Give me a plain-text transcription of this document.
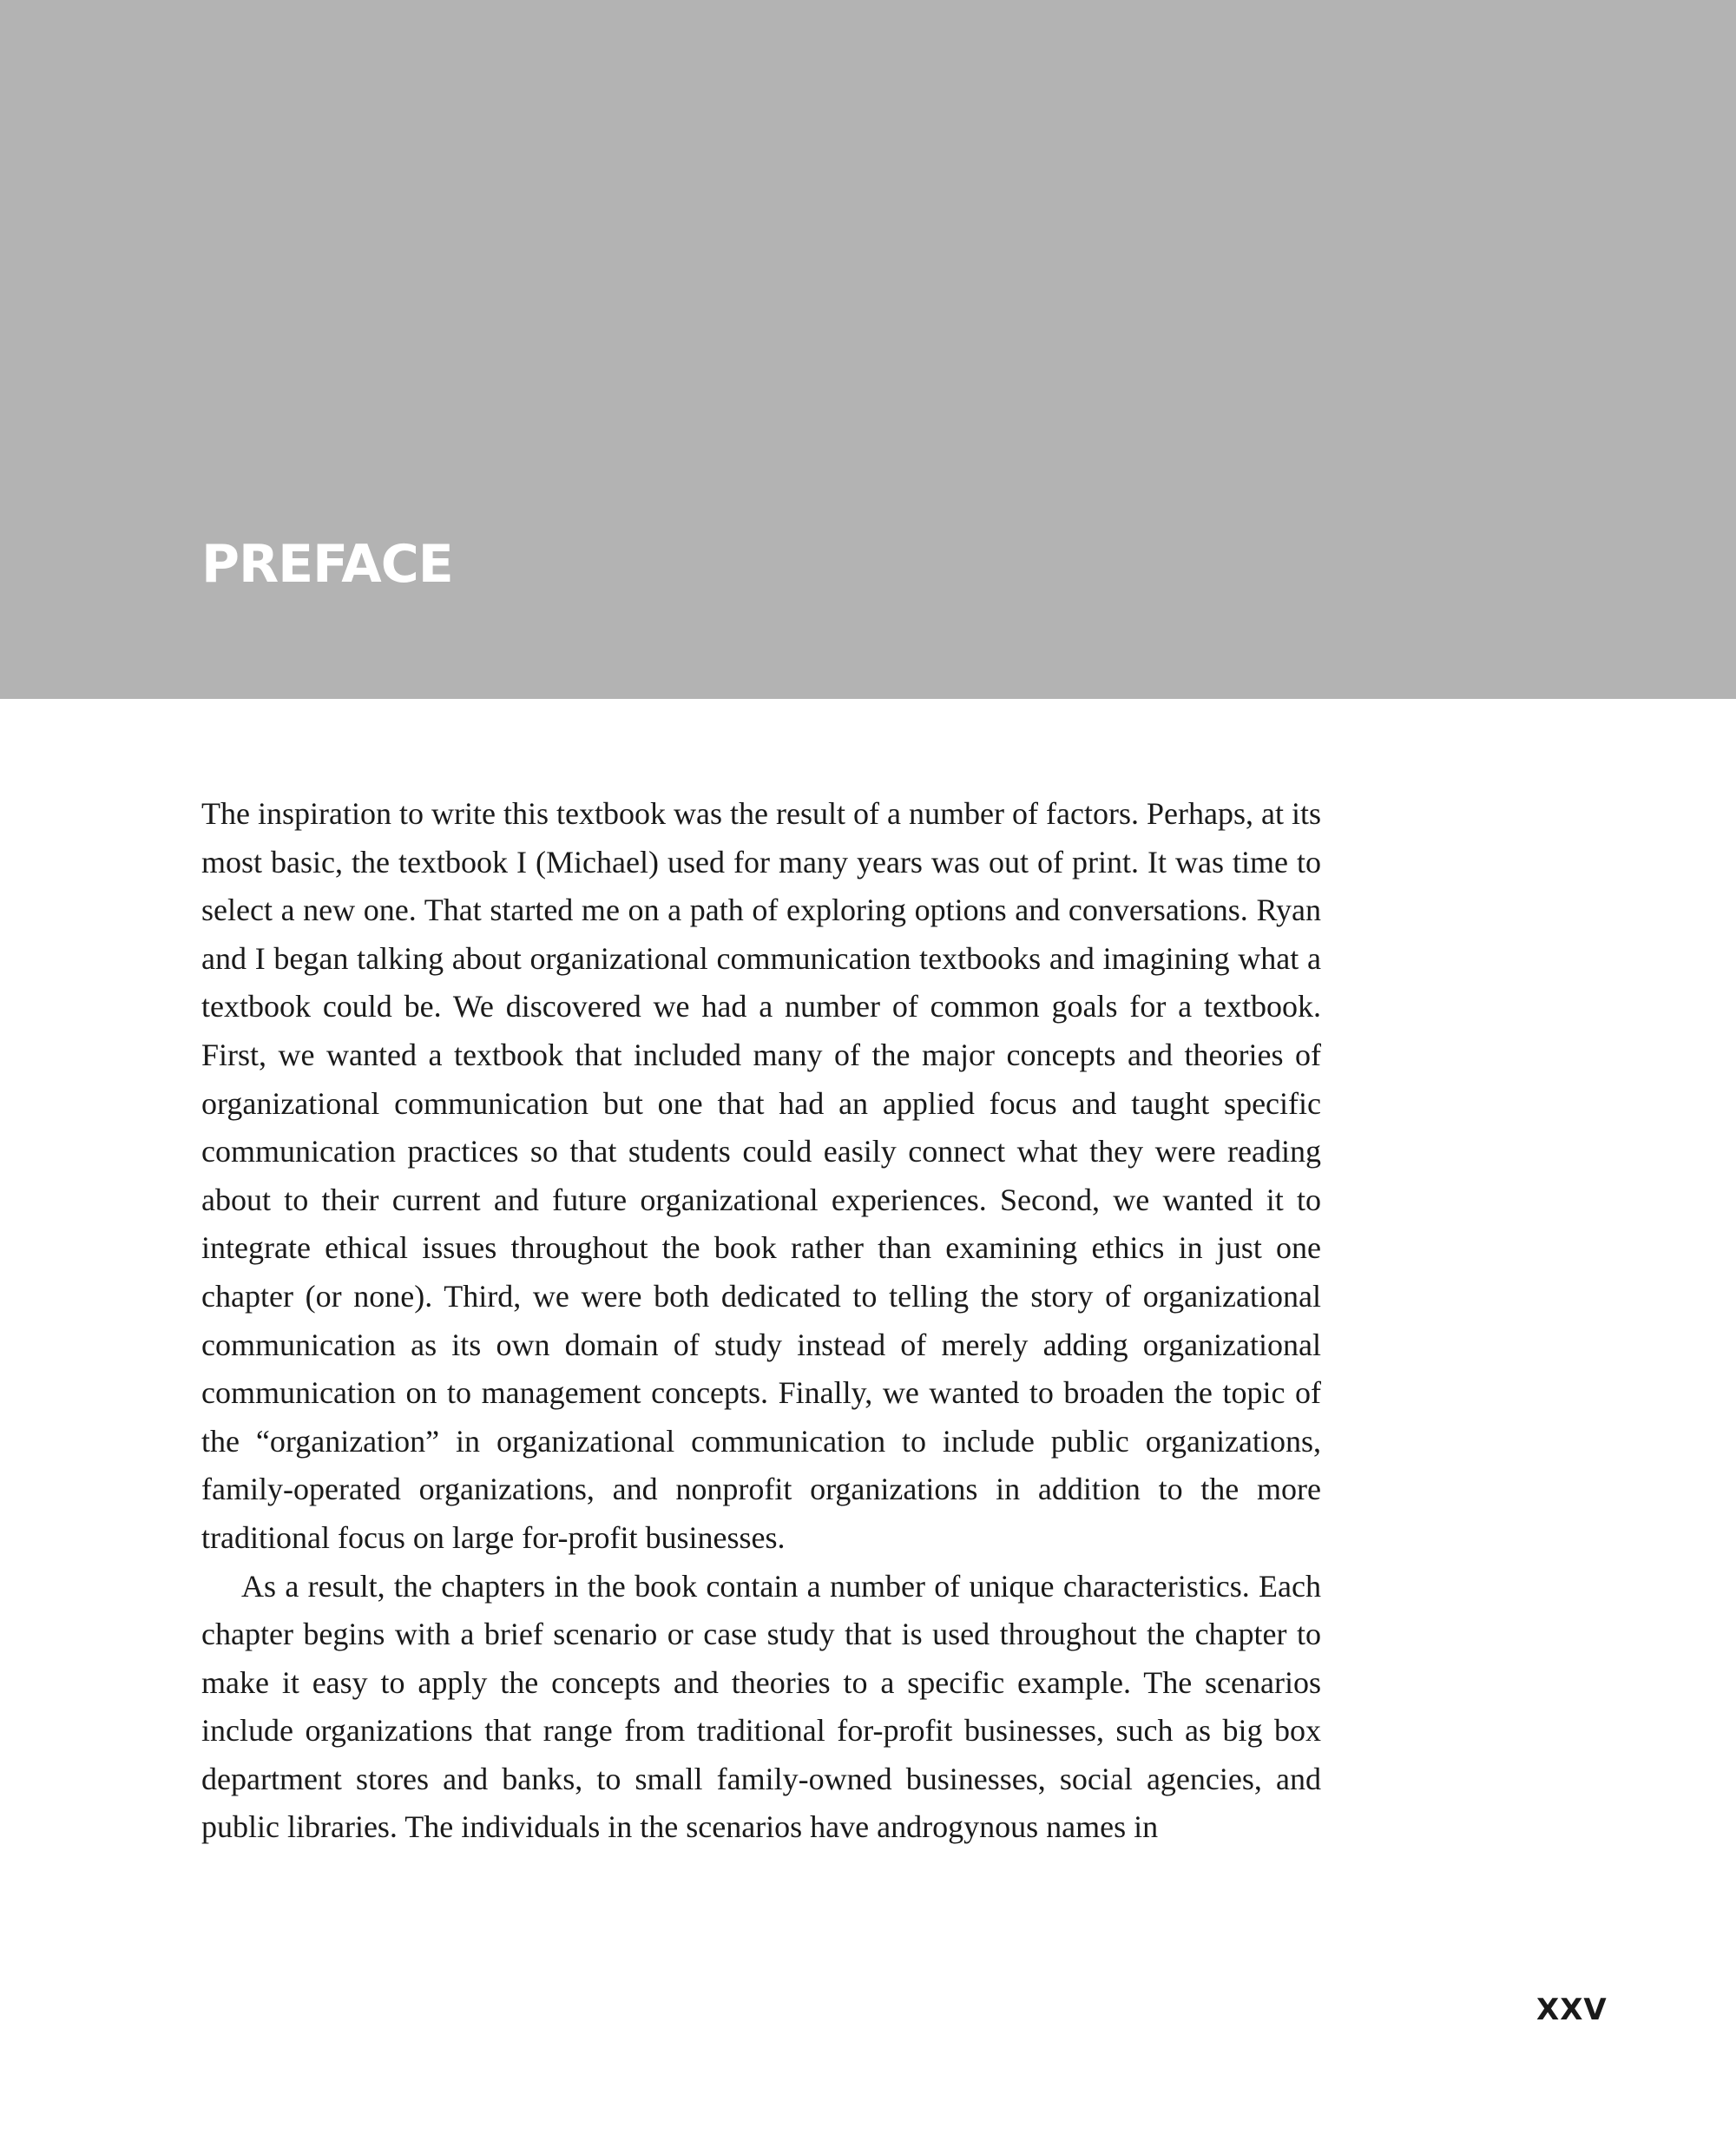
PREFACE

The inspiration to write this textbook was the result of a number of factors. Perhaps, at its most basic, the textbook I (Michael) used for many years was out of print. It was time to select a new one. That started me on a path of exploring options and conversations. Ryan and I began talking about organizational communication textbooks and imagining what a textbook could be. We discovered we had a number of common goals for a textbook. First, we wanted a textbook that included many of the major concepts and theories of organizational communication but one that had an applied focus and taught specific communication practices so that students could easily connect what they were reading about to their current and future organizational experiences. Second, we wanted it to integrate ethical issues throughout the book rather than examining ethics in just one chapter (or none). Third, we were both dedicated to telling the story of organizational communication as its own domain of study instead of merely adding organizational communication on to management concepts. Finally, we wanted to broaden the topic of the “organization” in organizational communication to include public organizations, family-operated organizations, and nonprofit organizations in addition to the more traditional focus on large for-profit businesses.

As a result, the chapters in the book contain a number of unique characteristics. Each chapter begins with a brief scenario or case study that is used throughout the chapter to make it easy to apply the concepts and theories to a specific example. The scenarios include organizations that range from traditional for-profit businesses, such as big box department stores and banks, to small family-owned businesses, social agencies, and public libraries. The individuals in the scenarios have androgynous names in

XXV
